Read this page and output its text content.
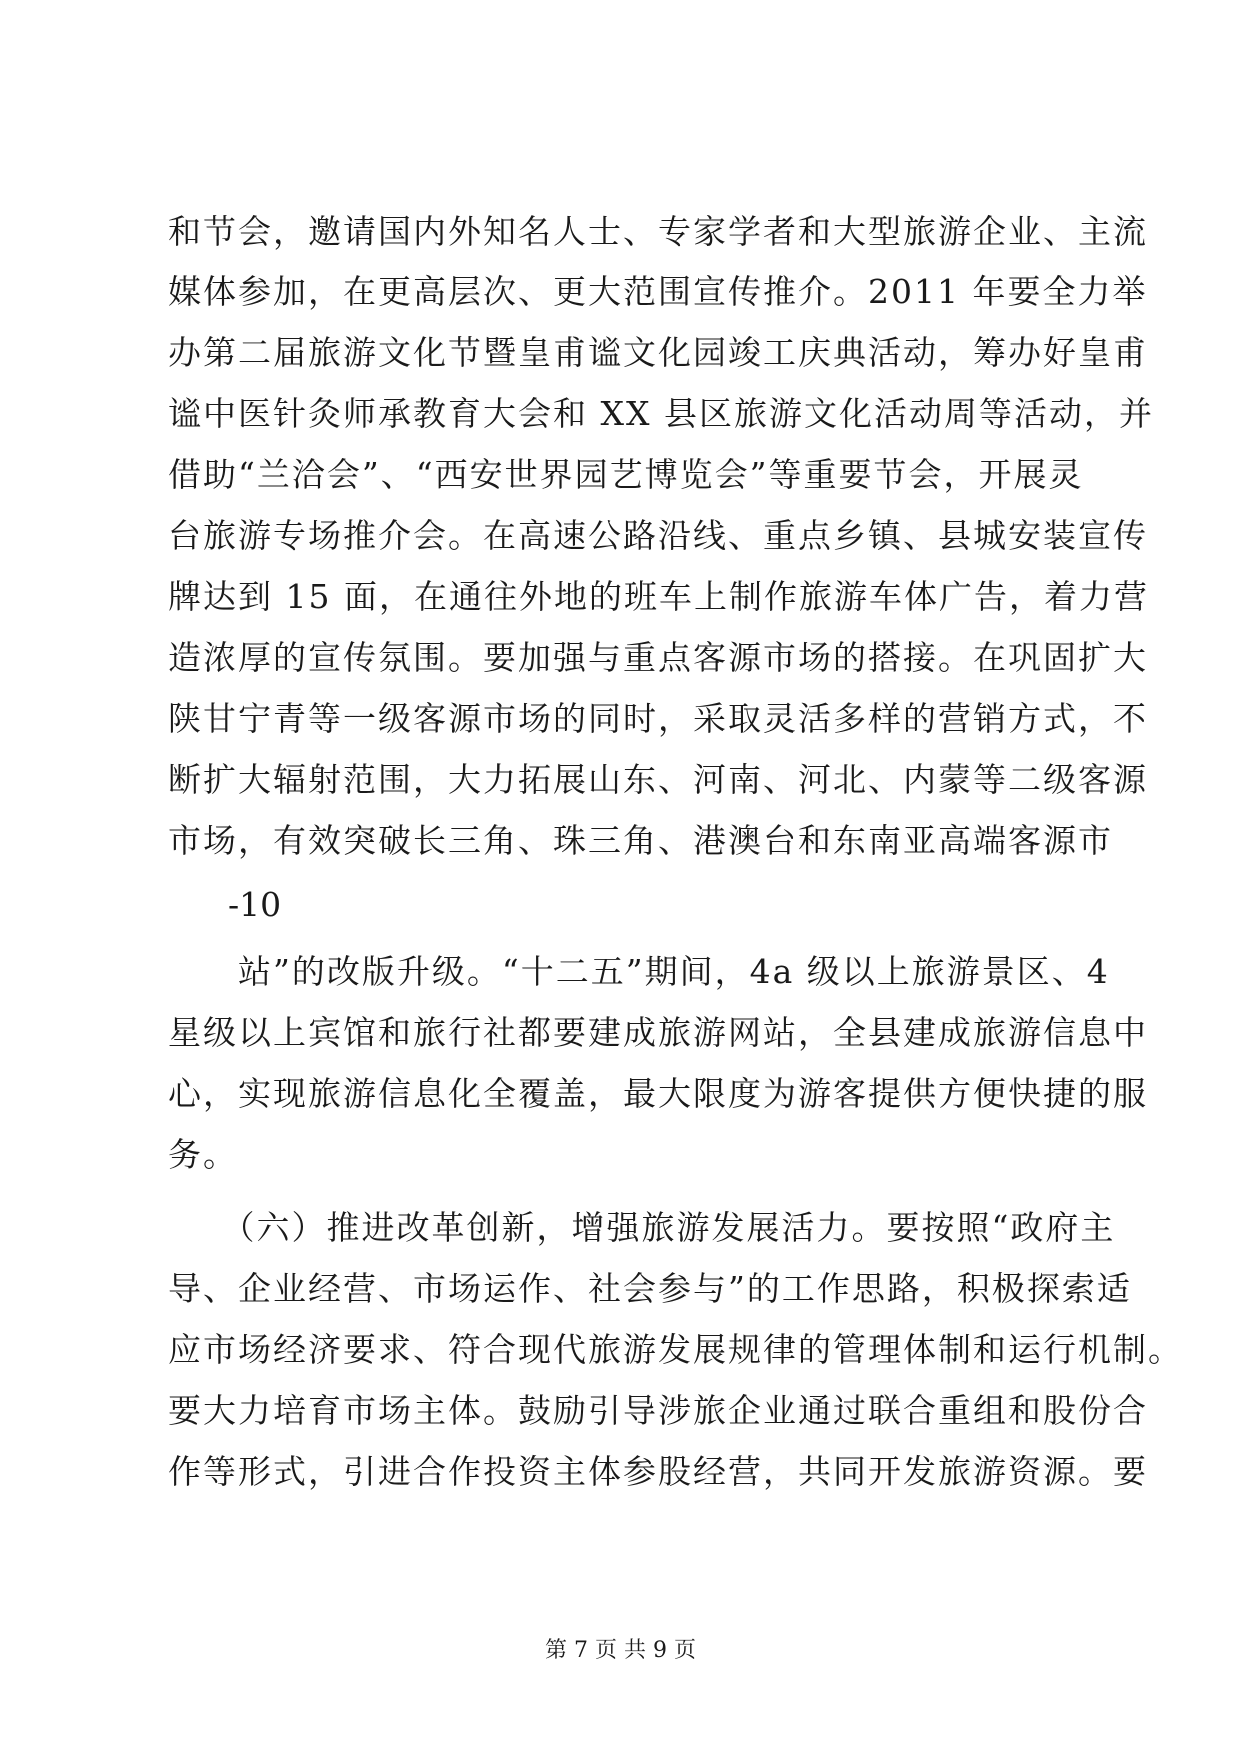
和节会，邀请国内外知名人士、专家学者和大型旅游企业、主流
媒体参加，在更高层次、更大范围宣传推介。2011 年要全力举
办第二届旅游文化节暨皇甫谧文化园竣工庆典活动，筹办好皇甫
谧中医针灸师承教育大会和 XX 县区旅游文化活动周等活动，并
借助“兰洽会”、“西安世界园艺博览会”等重要节会，开展灵
台旅游专场推介会。在高速公路沿线、重点乡镇、县城安装宣传
牌达到 15 面，在通往外地的班车上制作旅游车体广告，着力营
造浓厚的宣传氛围。要加强与重点客源市场的搭接。在巩固扩大
陕甘宁青等一级客源市场的同时，采取灵活多样的营销方式，不
断扩大辐射范围，大力拓展山东、河南、河北、内蒙等二级客源
市场，有效突破长三角、珠三角、港澳台和东南亚高端客源市
-10
　　站”的改版升级。“十二五”期间，4a 级以上旅游景区、4
星级以上宾馆和旅行社都要建成旅游网站，全县建成旅游信息中
心，实现旅游信息化全覆盖，最大限度为游客提供方便快捷的服
务。
　　（六）推进改革创新，增强旅游发展活力。要按照“政府主
导、企业经营、市场运作、社会参与”的工作思路，积极探索适
应市场经济要求、符合现代旅游发展规律的管理体制和运行机制。
要大力培育市场主体。鼓励引导涉旅企业通过联合重组和股份合
作等形式，引进合作投资主体参股经营，共同开发旅游资源。要
第 7 页 共 9 页
